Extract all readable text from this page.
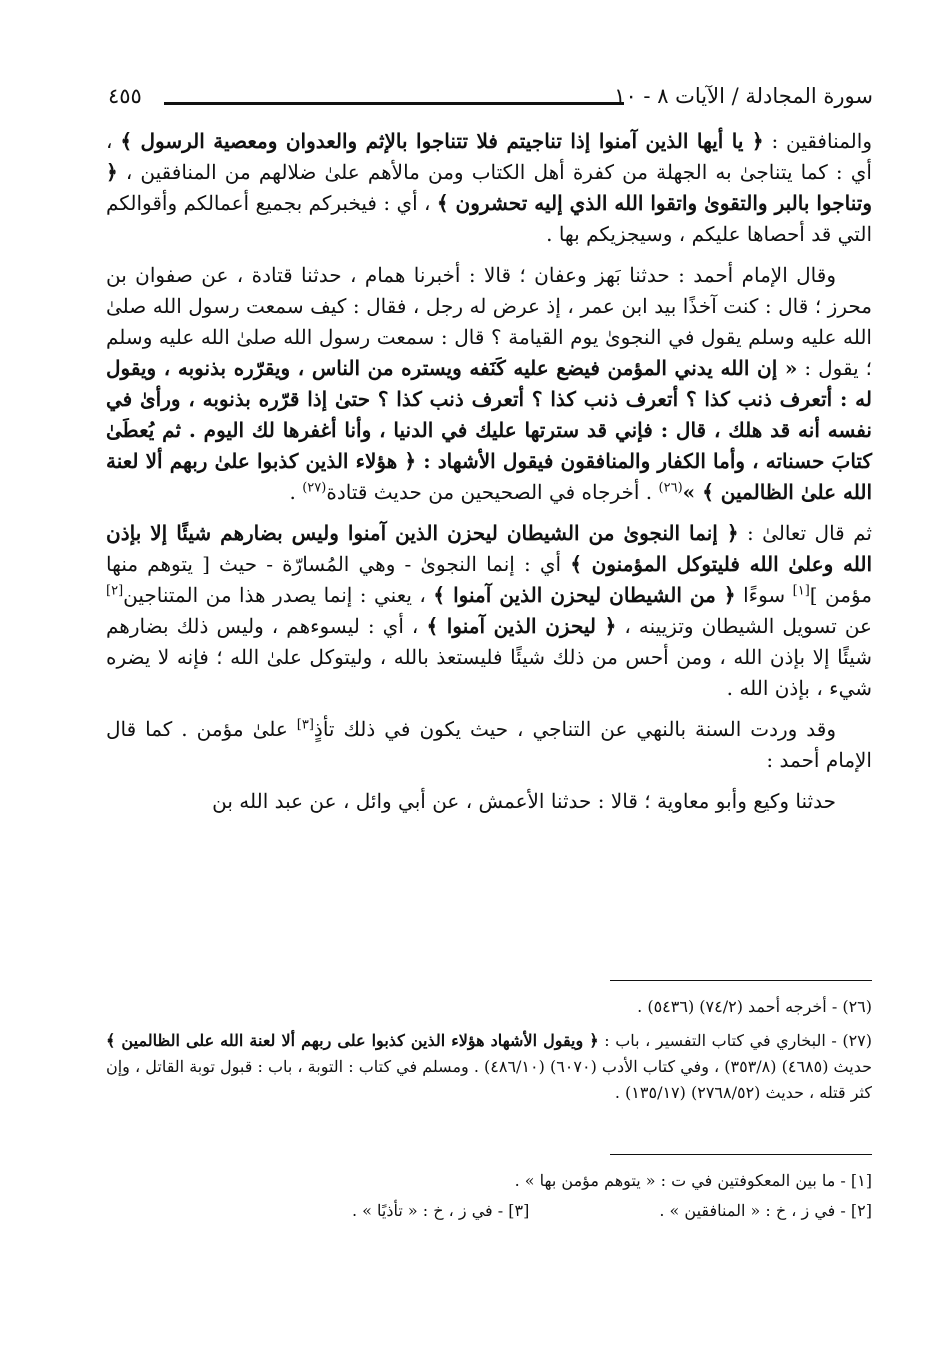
سورة المجادلة / الآيات ٨ - ١٠
٤٥٥

والمنافقين : ﴿ يا أيها الذين آمنوا إذا تناجيتم فلا تتناجوا بالإثم والعدوان ومعصية الرسول ﴾ ، أي : كما يتناجىٰ به الجهلة من كفرة أهل الكتاب ومن مالأهم علىٰ ضلالهم من المنافقين ، ﴿ وتناجوا بالبر والتقوىٰ واتقوا الله الذي إليه تحشرون ﴾ ، أي : فيخبركم بجميع أعمالكم وأقوالكم التي قد أحصاها عليكم ، وسيجزيكم بها .

وقال الإمام أحمد : حدثنا بَهز وعفان ؛ قالا : أخبرنا همام ، حدثنا قتادة ، عن صفوان بن محرز ؛ قال : كنت آخذًا بيد ابن عمر ، إذ عرض له رجل ، فقال : كيف سمعت رسول الله صلىٰ الله عليه وسلم يقول في النجوىٰ يوم القيامة ؟ قال : سمعت رسول الله صلىٰ الله عليه وسلم ؛ يقول : « إن الله يدني المؤمن فيضع عليه كَنَفه ويستره من الناس ، ويقرّره بذنوبه ، ويقول له : أتعرف ذنب كذا ؟ أتعرف ذنب كذا ؟ أتعرف ذنب كذا ؟ حتىٰ إذا قرّره بذنوبه ، ورأىٰ في نفسه أنه قد هلك ، قال : فإني قد سترتها عليك في الدنيا ، وأنا أغفرها لك اليوم . ثم يُعطَىٰ كتابَ حسناته ، وأما الكفار والمنافقون فيقول الأشهاد : ﴿ هؤلاء الذين كذبوا علىٰ ربهم ألا لعنة الله علىٰ الظالمين ﴾ »$^{(٢٦)}$ . أخرجاه في الصحيحين من حديث قتادة$^{(٢٧)}$ .

ثم قال تعالىٰ : ﴿ إنما النجوىٰ من الشيطان ليحزن الذين آمنوا وليس بضارهم شيئًا إلا بإذن الله وعلىٰ الله فليتوكل المؤمنون ﴾ أي : إنما النجوىٰ - وهي المُسارّة - حيث [ يتوهم منها مؤمن ][١] سوءًا ﴿ من الشيطان ليحزن الذين آمنوا ﴾ ، يعني : إنما يصدر هذا من المتناجين[٢] عن تسويل الشيطان وتزيينه ، ﴿ ليحزن الذين آمنوا ﴾ ، أي : ليسوءهم ، وليس ذلك بضارهم شيئًا إلا بإذن الله ، ومن أحس من ذلك شيئًا فليستعذ بالله ، وليتوكل علىٰ الله ؛ فإنه لا يضره شيء ، بإذن الله .

وقد وردت السنة بالنهي عن التناجي ، حيث يكون في ذلك تأذٍ[٣] علىٰ مؤمن . كما قال الإمام أحمد :

حدثنا وكيع وأبو معاوية ؛ قالا : حدثنا الأعمش ، عن أبي وائل ، عن عبد الله بن

(٢٦) - أخرجه أحمد (٧٤/٢) (٥٤٣٦) .

(٢٧) - البخاري في كتاب التفسير ، باب : ﴿ ويقول الأشهاد هؤلاء الذين كذبوا على ربهم ألا لعنة الله على الظالمين ﴾ حديث (٤٦٨٥) (٣٥٣/٨) ، وفي كتاب الأدب (٦٠٧٠) (٤٨٦/١٠) . ومسلم في كتاب : التوبة ، باب : قبول توبة القاتل ، وإن كثر قتله ، حديث (٢٧٦٨/٥٢) (١٣٥/١٧) .

[١] - ما بين المعكوفتين في ت : « يتوهم مؤمن بها » .
[٢] - في ز ، خ : « المنافقين » .
[٣] - في ز ، خ : « تأذيًا » .
